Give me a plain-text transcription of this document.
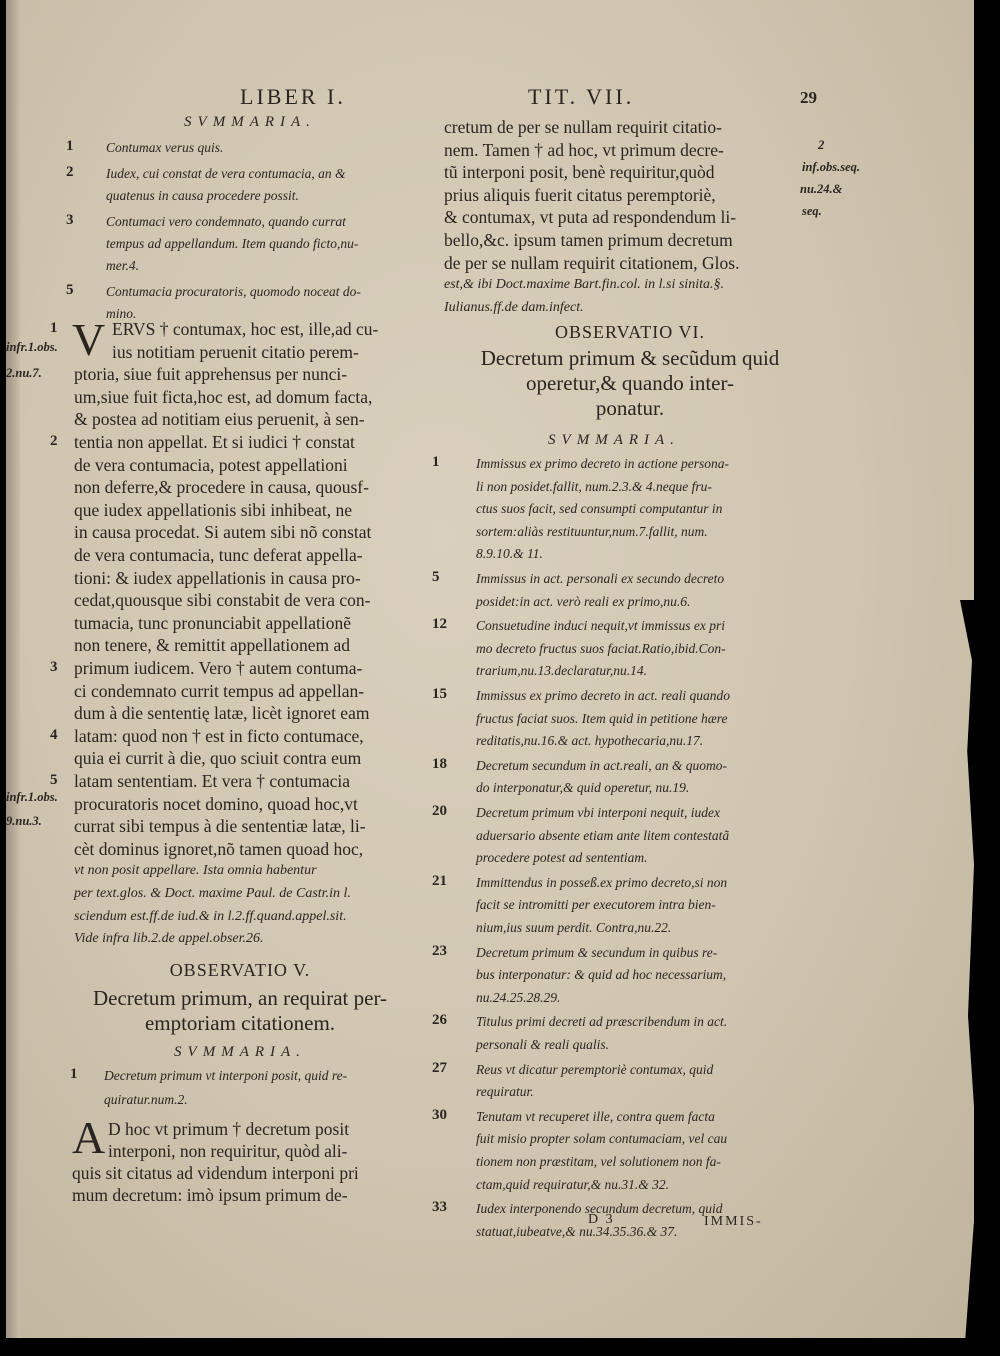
LIBER I.	TIT. VII.	29
SVMMARIA.
1 Contumax verus quis.
2 Iudex, cui constat de vera contumacia, an &
quatenus in causa procedere possit.
3 Contumaci vero condemnato, quando currat
tempus ad appellandum. Item quando ficto,nu-
mer.4.
5 Contumacia procuratoris, quomodo noceat do-
mino.
ERVS † contumax, hoc est, ille,ad cu-
ius notitiam peruenit citatio perem-
ptoria, siue fuit apprehensus per nunci-
um,siue fuit ficta,hoc est, ad domum facta,
& postea ad notitiam eius peruenit, à sen-
tentia non appellat. Et si iudici † constat
de vera contumacia, potest appellationi
non deferre,& procedere in causa, quousf-
que iudex appellationis sibi inhibeat, ne
in causa procedat. Si autem sibi nõ constat
de vera contumacia, tunc deferat appella-
tioni: & iudex appellationis in causa pro-
cedat,quousque sibi constabit de vera con-
tumacia, tunc pronunciabit appellationẽ
non tenere, & remittit appellationem ad
primum iudicem. Vero † autem contuma-
ci condemnato currit tempus ad appellan-
dum à die sententię latæ, licèt ignoret eam
latam: quod non † est in ficto contumace,
quia ei currit à die, quo sciuit contra eum
latam sententiam. Et vera † contumacia
procuratoris nocet domino, quoad hoc,vt
currat sibi tempus à die sententiæ latæ, li-
cèt dominus ignoret,nõ tamen quoad hoc,
vt non posit appellare. Ista omnia habentur
per text.glos. & Doct. maxime Paul. de Castr.in l.
sciendum est.ff.de iud.& in l.2.ff.quand.appel.sit.
Vide infra lib.2.de appel.obser.26.
1
2
3
4
5
V
infr.1.obs.
2.nu.7.
infr.1.obs.
9.nu.3.
OBSERVATIO V.
Decretum primum, an requirat per-
emptoriam citationem.
SVMMARIA.
1 Decretum primum vt interponi posit, quid re-
quiratur.num.2.
A D hoc vt primum † decretum posit
interponi, non requiritur, quòd ali-
quis sit citatus ad videndum interponi pri
mum decretum: imò ipsum primum de-
cretum de per se nullam requirit citatio-
nem. Tamen † ad hoc, vt primum decre-
tũ interponi posit, benè requiritur,quòd
prius aliquis fuerit citatus peremptoriè,
& contumax, vt puta ad respondendum li-
bello,&c. ipsum tamen primum decretum
de per se nullam requirit citationem, Glos.
est,& ibi Doct.maxime Bart.fin.col. in l.si sinita.§.
Iulianus.ff.de dam.infect.
2
inf.obs.seq.
nu.24.&
seq.
OBSERVATIO VI.
Decretum primum & secũdum quid
operetur,& quando inter-
ponatur.
SVMMARIA.
1	Immissus ex primo decreto in actione persona-
li non posidet.fallit, num.2.3.& 4.neque fru-
ctus suos facit, sed consumpti computantur in
sortem:aliàs restituuntur,num.7.fallit, num.
8.9.10.& 11.
5	Immissus in act. personali ex secundo decreto
posidet:in act. verò reali ex primo,nu.6.
12 Consuetudine induci nequit,vt immissus ex pri
mo decreto fructus suos faciat.Ratio,ibid.Con-
trarium,nu.13.declaratur,nu.14.
15 Immissus ex primo decreto in act. reali quando
fructus faciat suos. Item quid in petitione hære
reditatis,nu.16.& act. hypothecaria,nu.17.
18 Decretum secundum in act.reali, an & quomo-
do interponatur,& quid operetur, nu.19.
20 Decretum primum vbi interponi nequit, iudex
aduersario absente etiam ante litem contestatã
procedere potest ad sententiam.
21 Immittendus in posseß.ex primo decreto,si non
facit se intromitti per executorem intra bien-
nium,ius suum perdit. Contra,nu.22.
23 Decretum primum & secundum in quibus re-
bus interponatur: & quid ad hoc necessarium,
nu.24.25.28.29.
26 Titulus primi decreti ad præscribendum in act.
personali & reali qualis.
27 Reus vt dicatur peremptoriè contumax, quid
requiratur.
30 Tenutam vt recuperet ille, contra quem facta
fuit misio propter solam contumaciam, vel cau
tionem non præstitam, vel solutionem non fa-
ctam,quid requiratur,& nu.31.& 32.
33 Iudex interponendo secundum decretum, quid
statuat,iubeatve,& nu.34.35.36.& 37.
D 3	IMMIS-
